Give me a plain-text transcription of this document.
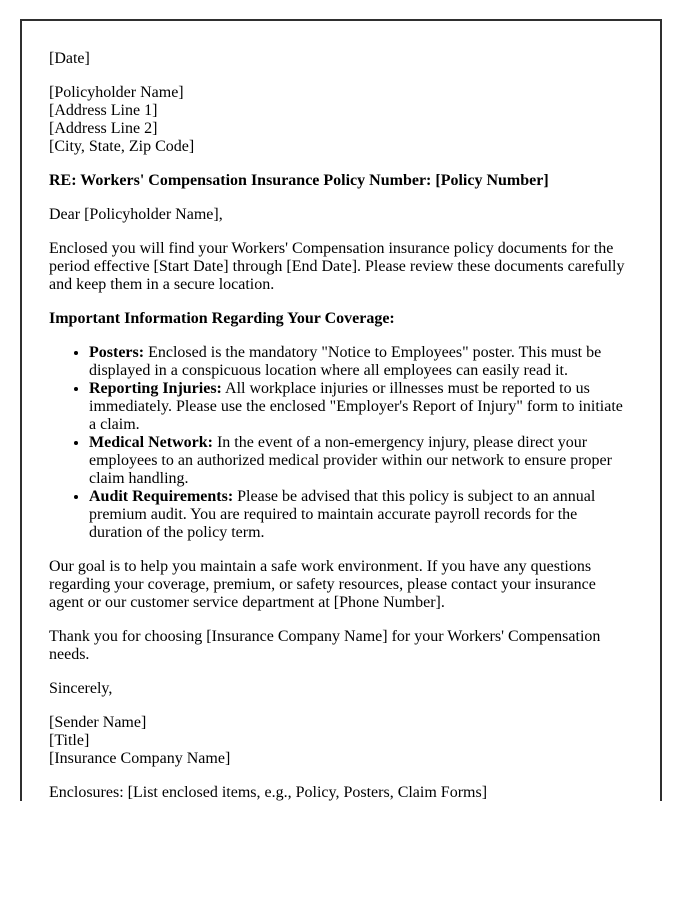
[Date]

[Policyholder Name]
[Address Line 1]
[Address Line 2]
[City, State, Zip Code]

RE: Workers' Compensation Insurance Policy Number: [Policy Number]

Dear [Policyholder Name],

Enclosed you will find your Workers' Compensation insurance policy documents for the period effective [Start Date] through [End Date]. Please review these documents carefully and keep them in a secure location.

Important Information Regarding Your Coverage:

• Posters: Enclosed is the mandatory "Notice to Employees" poster. This must be displayed in a conspicuous location where all employees can easily read it.
• Reporting Injuries: All workplace injuries or illnesses must be reported to us immediately. Please use the enclosed "Employer's Report of Injury" form to initiate a claim.
• Medical Network: In the event of a non-emergency injury, please direct your employees to an authorized medical provider within our network to ensure proper claim handling.
• Audit Requirements: Please be advised that this policy is subject to an annual premium audit. You are required to maintain accurate payroll records for the duration of the policy term.

Our goal is to help you maintain a safe work environment. If you have any questions regarding your coverage, premium, or safety resources, please contact your insurance agent or our customer service department at [Phone Number].

Thank you for choosing [Insurance Company Name] for your Workers' Compensation needs.

Sincerely,

[Sender Name]
[Title]
[Insurance Company Name]

Enclosures: [List enclosed items, e.g., Policy, Posters, Claim Forms]
